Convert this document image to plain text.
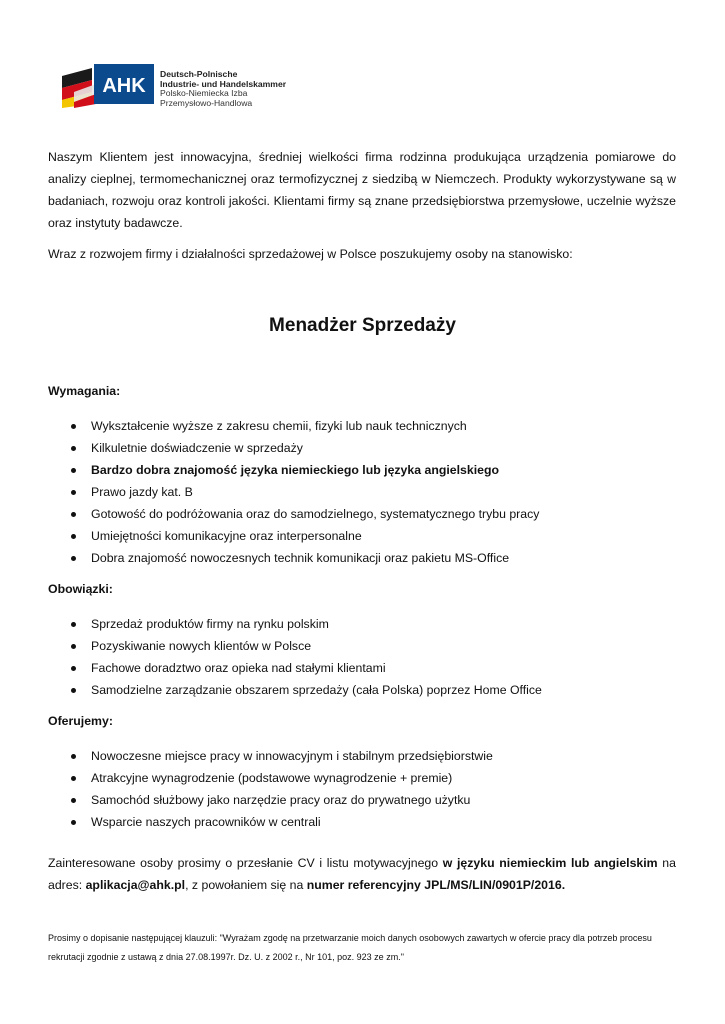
AHK
Deutsch-Polnische
Industrie- und Handelskammer
Polsko-Niemiecka Izba
Przemysłowo-Handlowa

Naszym Klientem jest innowacyjna, średniej wielkości firma rodzinna produkująca urządzenia pomiarowe do analizy cieplnej, termomechanicznej oraz termofizycznej z siedzibą w Niemczech. Produkty wykorzystywane są w badaniach, rozwoju oraz kontroli jakości. Klientami firmy są znane przedsiębiorstwa przemysłowe, uczelnie wyższe oraz instytuty badawcze.

Wraz z rozwojem firmy i działalności sprzedażowej w Polsce poszukujemy osoby na stanowisko:

Menadżer Sprzedaży
Wymagania:
Wykształcenie wyższe z zakresu chemii, fizyki lub nauk technicznych
Kilkuletnie doświadczenie w sprzedaży
Bardzo dobra znajomość języka niemieckiego lub języka angielskiego
Prawo jazdy kat. B
Gotowość do podróżowania oraz do samodzielnego, systematycznego trybu pracy
Umiejętności komunikacyjne oraz interpersonalne
Dobra znajomość nowoczesnych technik komunikacji oraz pakietu MS-Office
Obowiązki:
Sprzedaż produktów firmy na rynku polskim
Pozyskiwanie nowych klientów w Polsce
Fachowe doradztwo oraz opieka nad stałymi klientami
Samodzielne zarządzanie obszarem sprzedaży (cała Polska) poprzez Home Office
Oferujemy:
Nowoczesne miejsce pracy w innowacyjnym i stabilnym przedsiębiorstwie
Atrakcyjne wynagrodzenie (podstawowe wynagrodzenie + premie)
Samochód służbowy jako narzędzie pracy oraz do prywatnego użytku
Wsparcie naszych pracowników w centrali

Zainteresowane osoby prosimy o przesłanie CV i listu motywacyjnego w języku niemieckim lub angielskim na adres: aplikacja@ahk.pl, z powołaniem się na numer referencyjny JPL/MS/LIN/0901P/2016.

Prosimy o dopisanie następującej klauzuli: "Wyrażam zgodę na przetwarzanie moich danych osobowych zawartych w ofercie pracy dla potrzeb procesu rekrutacji zgodnie z ustawą z dnia 27.08.1997r. Dz. U. z 2002 r., Nr 101, poz. 923 ze zm."
